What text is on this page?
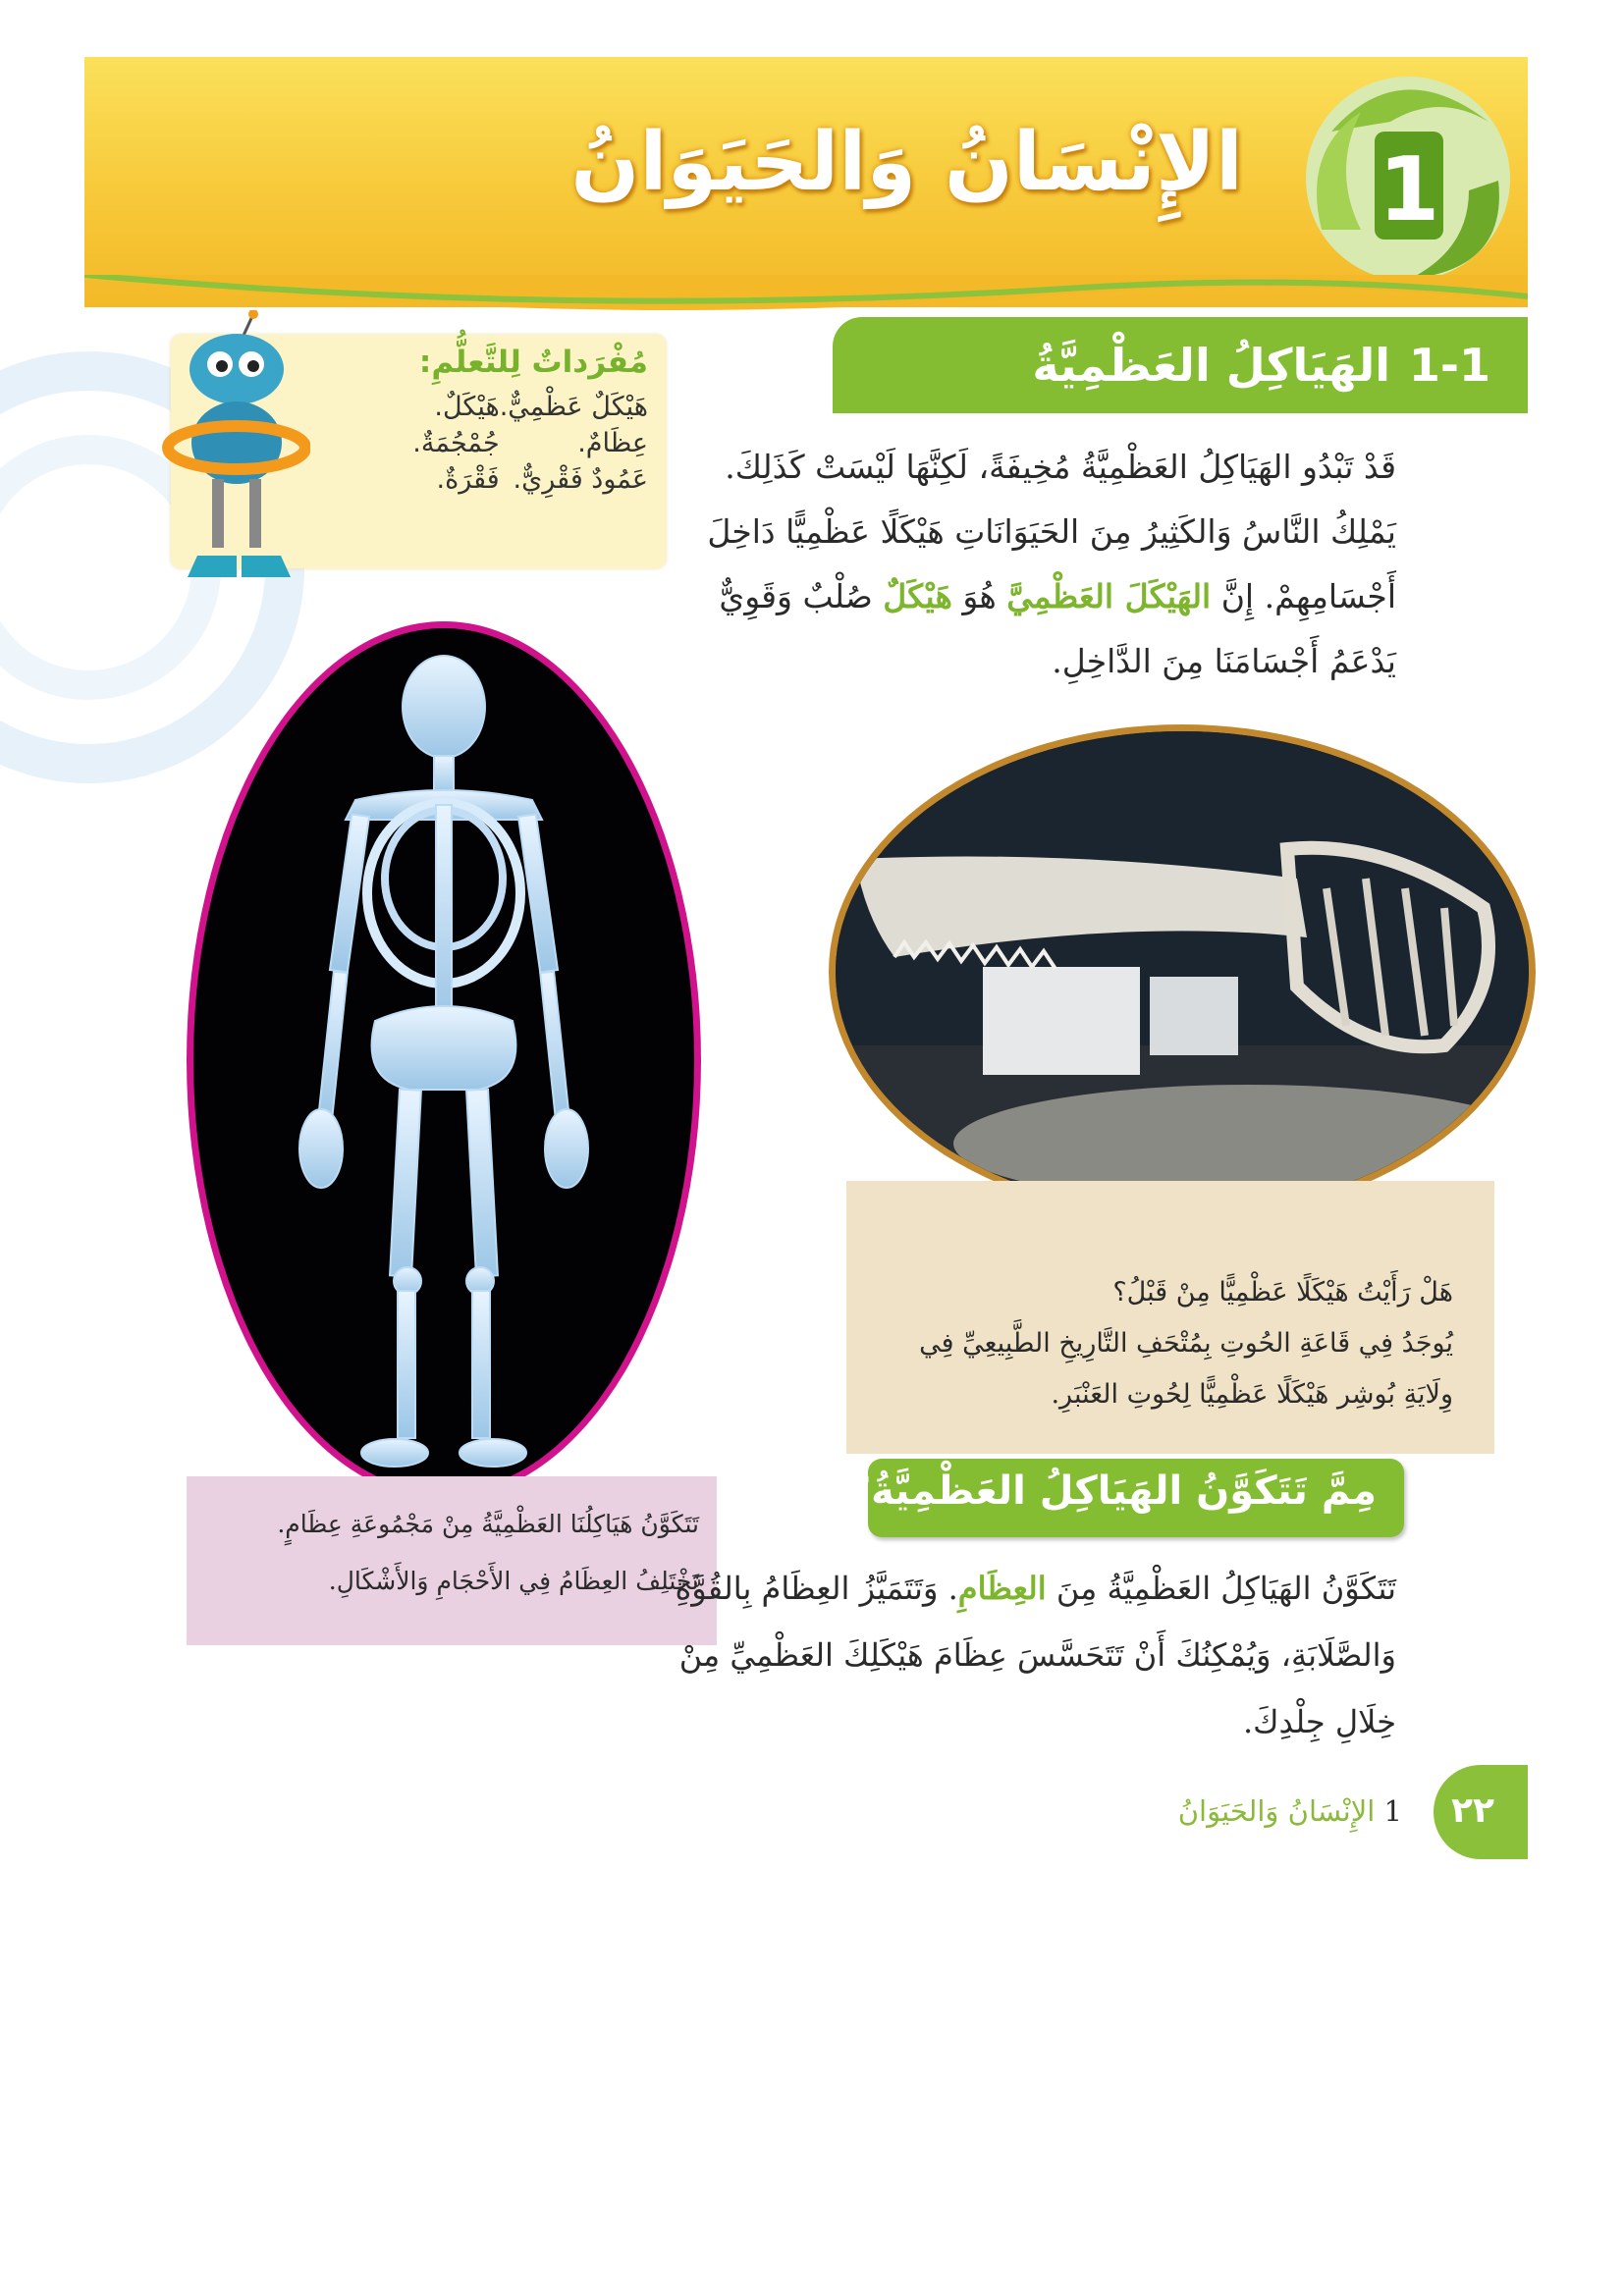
الإِنْسَانُ وَالحَيَوَانُ 1
1-1
الهَيَاكِلُ العَظْمِيَّةُ
مُفْرَداتٌ لِلتَّعلُّمِ:
هَيْكَلٌ عَظْمِيٌّ.
هَيْكَلٌ.
عِظَامٌ.
جُمْجُمَةٌ.
عَمُودٌ فَقْرِيٌّ.
فَقْرَةٌ.	قَدْ تَبْدُو الهَيَاكِلُ العَظْمِيَّةُ مُخِيفَةً، لَكِنَّهَا لَيْسَتْ كَذَلِكَ. يَمْلِكُ النَّاسُ وَالكَثِيرُ مِنَ الحَيَوَانَاتِ هَيْكَلًا عَظْمِيًّا دَاخِلَ أَجْسَامِهِمْ. إِنَّ الهَيْكَلَ العَظْمِيَّ هُوَ هَيْكَلٌ صُلْبٌ وَقَوِيٌّ يَدْعَمُ أَجْسَامَنَا مِنَ الدَّاخِلِ.

هَلْ رَأَيْتُ هَيْكَلًا عَظْمِيًّا مِنْ قَبْلُ؟
يُوجَدُ فِي قَاعَةِ الحُوتِ بِمُتْحَفِ التَّارِيخِ الطَّبِيعِيِّ فِي وِلَايَةِ بُوشِر هَيْكَلًا عَظْمِيًّا لِحُوتِ العَنْبَرِ.
تَتَكَوَّنُ هَيَاكِلُنَا العَظْمِيَّةُ مِنْ مَجْمُوعَةِ عِظَامٍ.
تَخْتَلِفُ العِظَامُ فِي الأَحْجَامِ وَالأَشْكَالِ.
مِمَّ تَتَكَوَّنُ الهَيَاكِلُ العَظْمِيَّةُ؟

تَتَكَوَّنُ الهَيَاكِلُ العَظْمِيَّةُ مِنَ العِظَامِ. وَتَتَمَيَّزُ العِظَامُ بِالقُوَّةِ وَالصَّلَابَةِ، وَيُمْكِنُكَ أَنْ تَتَحَسَّسَ عِظَامَ هَيْكَلِكَ العَظْمِيِّ مِنْ خِلَالِ جِلْدِكَ.

٢٢
1 الإِنْسَانُ وَالحَيَوَانُ
